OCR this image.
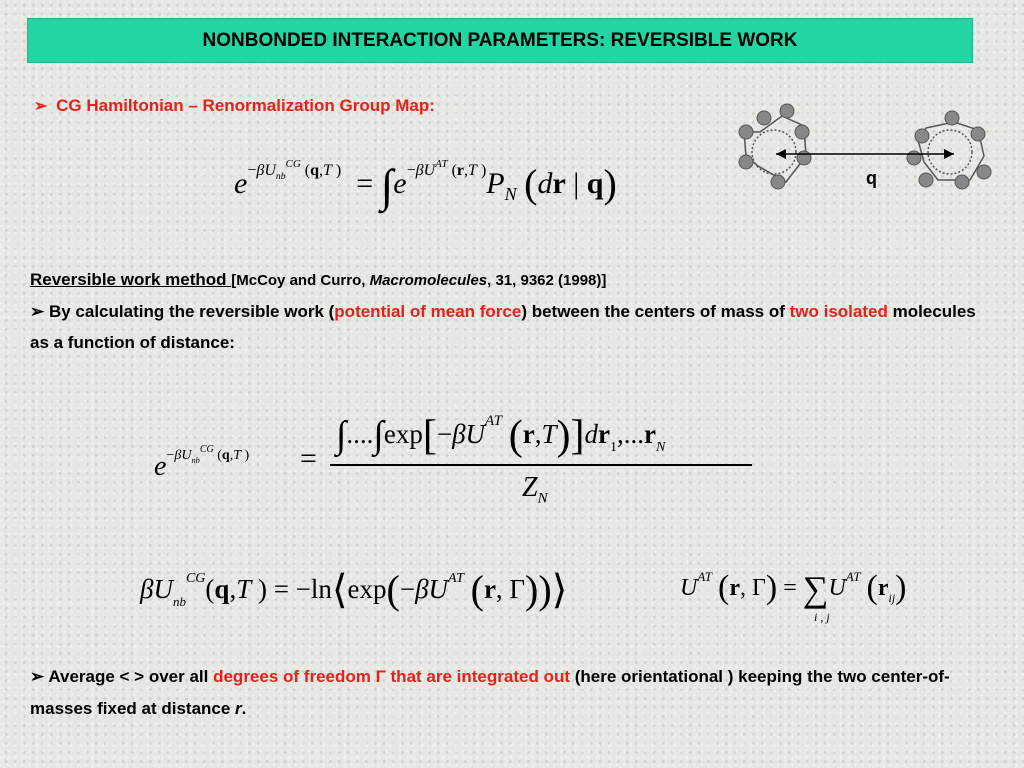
NONBONDED INTERACTION PARAMETERS: REVERSIBLE WORK
➢ CG Hamiltonian – Renormalization Group Map:
$e^{-\beta U_{nb}CG}$ $^{(q,T )} = \int e^{-\beta UAT}$ $^{(r,T )}P_N$ (dr | q)	q
Reversible work method [McCoy and Curro, Macromolecules, 31, 9362 (1998)]
➢ By calculating the reversible work (potential of mean force) between the centers of mass of two isolated molecules as a function of distance:
$e^{-\beta U_{nb}CG}$ $^{(q,T )}$ =
$\int....\int\exp[-\beta U^{AT}$ $(r,T)]dr_1,...r_N$
$Z_N$
$\beta U_{nb}^{CG}(q,T$ ) = $-\ln⟨\exp(-\beta U^{AT}$ (r, Γ))⟩	$U^{AT}$ (r, $\Gamma) = \sum U^{AT}$ $(r_{ij})$
i , j
➢ Average < > over all degrees of freedom Γ that are integrated out (here orientational ) keeping the two center-of-masses fixed at distance r.
